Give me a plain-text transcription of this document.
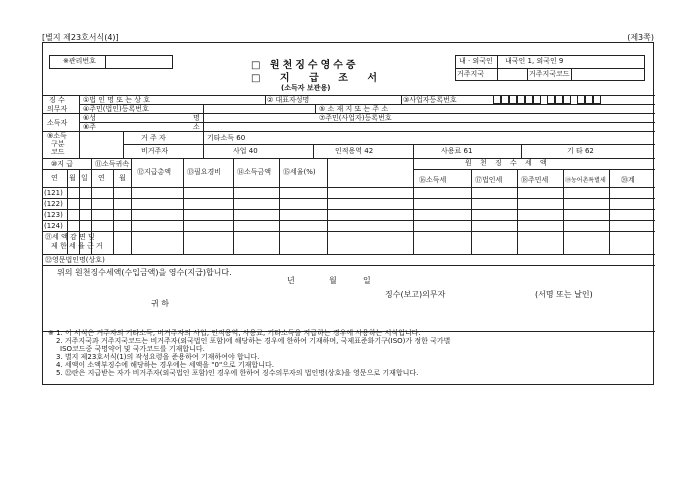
[별지 제23호서식(4)]	(제3쪽)
※관리번호	□ 원천징수영수증
□ 지 급 조 서
(소득자 보관용)
내 · 외국인 내국인 1, 외국인 9
거주지국	거주지국코드
징 수
의무자
①법 인 명 또 는 상 호	② 대표자성명	③사업자등록번호
④주민(법인)등록번호	⑤ 소 재 지 또 는 주 소
소득자
⑥성	명
⑧주	소
⑦주민(사업자)등록번호
⑨소득
구분
코드
거 주 자	기타소득 60
비거주자	사업 40	인적용역 42	사용료 61	기 타 62
⑩지 급	⑪소득귀속
연 월 일 연 월
⑫지급총액 ⑬필요경비 ⑭소득금액 ⑮세율(%)
원 천 징 수 세 액
⑯소득세	⑰법인세	⑱주민세	⑲농어촌특별세 ⑳계
(121)
(122)
(123)
(124)
㉑세 액 감 면 및
제 한 세 율 근 거
㉒영문법인명(상호)
위의 원천징수세액(수입금액)을 영수(지급)합니다.
년	월	일
징수(보고)의무자	(서명 또는 날인)
귀 하
※ 1. 이 서식은 거주자의 기타소득, 비거주자의 사업, 인적용역, 사용료, 기타소득을 지급하는 경우에 사용하는 서식입니다.
2. 거주지국과 거주지국코드는 비거주자(외국법인 포함)에 해당하는 경우에 한하여 기재하며, 국제표준화기구(ISO)가 정한 국가별
ISO코드중 국명약어 및 국가코드를 기재합니다.
3. 별지 제23호서식(1)의 작성요령을 준용하여 기재하여야 합니다.
4. 세액이 소액부징수에 해당하는 경우에는 세액을 "0"으로 기재합니다.
5. ㉒란은 지급받는 자가 비거주자(외국법인 포함)인 경우에 한하여 징수의무자의 법인명(상호)을 영문으로 기재합니다.
